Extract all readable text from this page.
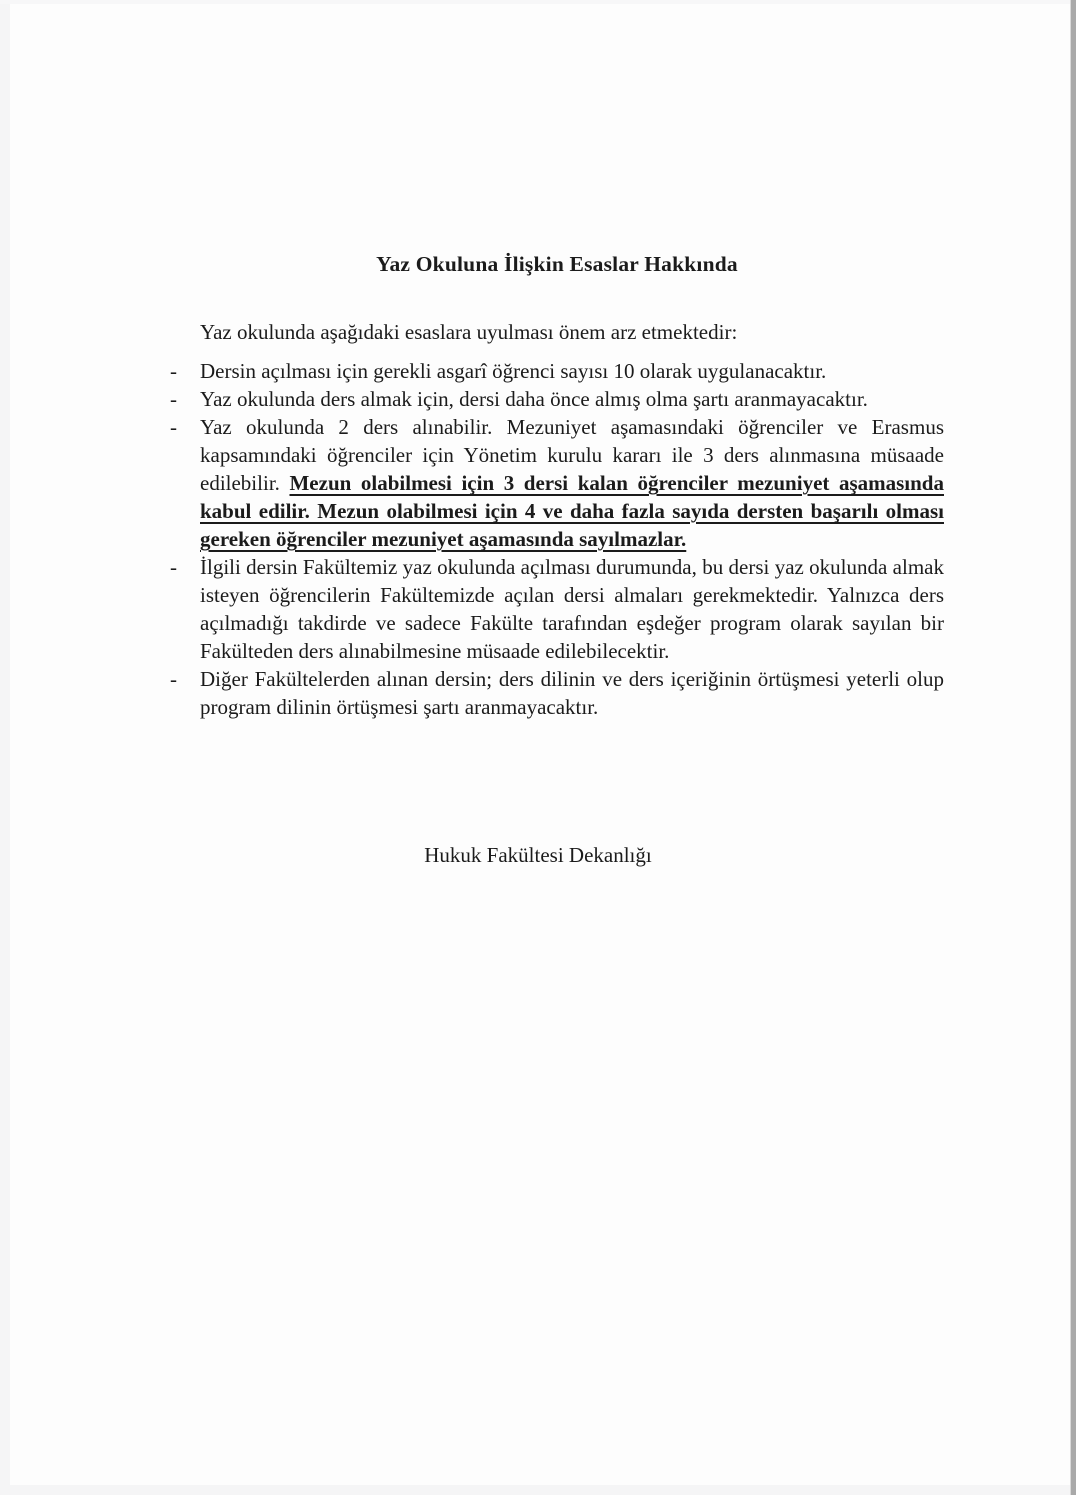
Yaz Okuluna İlişkin Esaslar Hakkında

Yaz okulunda aşağıdaki esaslara uyulması önem arz etmektedir:

-	Dersin açılması için gerekli asgarî öğrenci sayısı 10 olarak uygulanacaktır.

-	Yaz okulunda ders almak için, dersi daha önce almış olma şartı aranmayacaktır.

-	Yaz okulunda 2 ders alınabilir. Mezuniyet aşamasındaki öğrenciler ve Erasmus kapsamındaki öğrenciler için Yönetim kurulu kararı ile 3 ders alınmasına müsaade edilebilir. Mezun olabilmesi için 3 dersi kalan öğrenciler mezuniyet aşamasında kabul edilir. Mezun olabilmesi için 4 ve daha fazla sayıda dersten başarılı olması gereken öğrenciler mezuniyet aşamasında sayılmazlar.

-	İlgili dersin Fakültemiz yaz okulunda açılması durumunda, bu dersi yaz okulunda almak isteyen öğrencilerin Fakültemizde açılan dersi almaları gerekmektedir. Yalnızca ders açılmadığı takdirde ve sadece Fakülte tarafından eşdeğer program olarak sayılan bir Fakülteden ders alınabilmesine müsaade edilebilecektir.

-	Diğer Fakültelerden alınan dersin; ders dilinin ve ders içeriğinin örtüşmesi yeterli olup program dilinin örtüşmesi şartı aranmayacaktır.

Hukuk Fakültesi Dekanlığı
